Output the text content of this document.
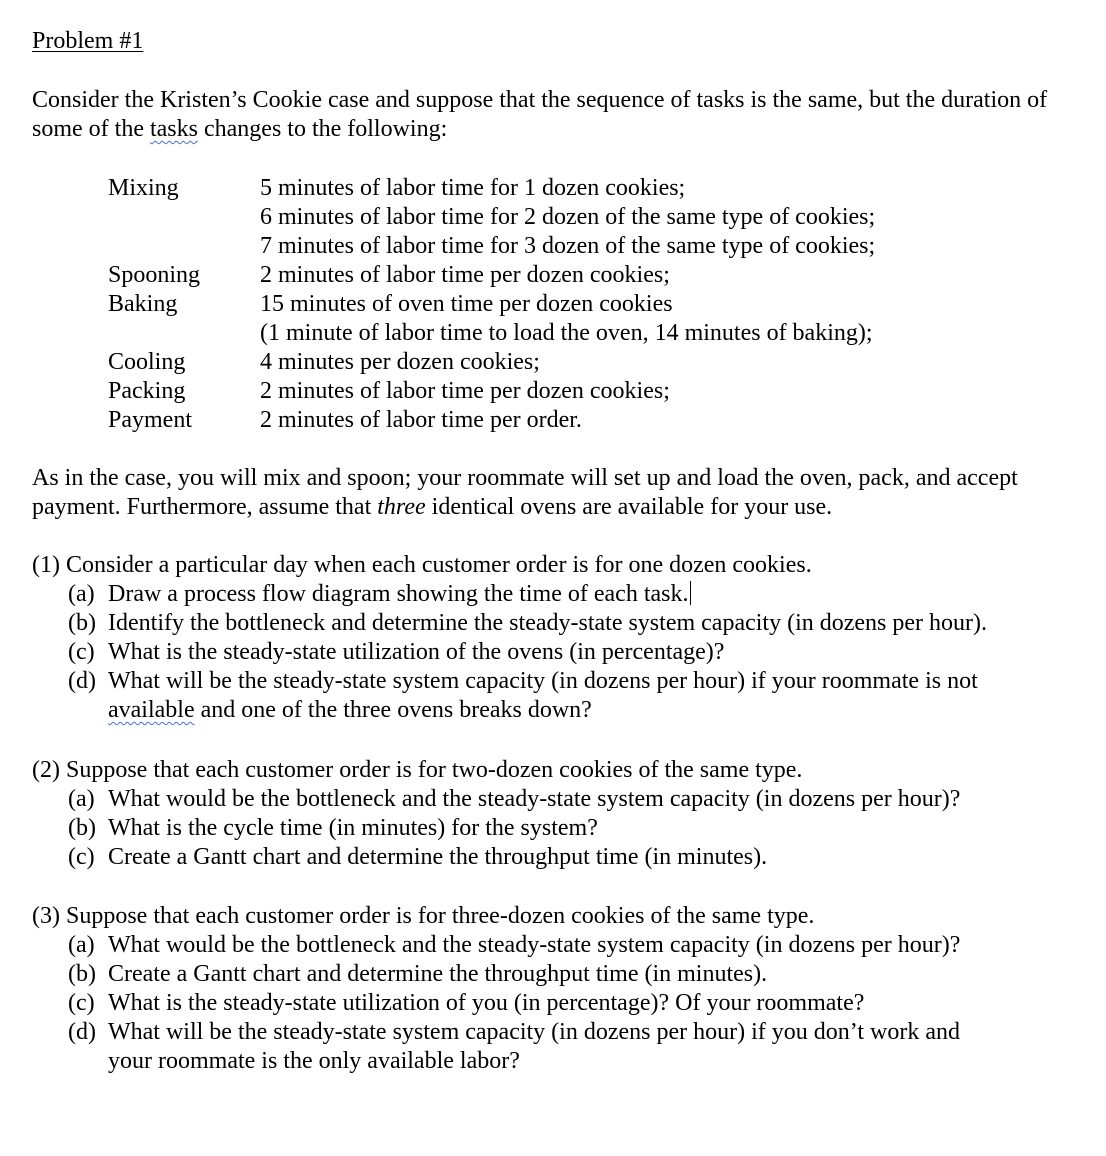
Problem #1

Consider the Kristen’s Cookie case and suppose that the sequence of tasks is the same, but the duration of some of the tasks changes to the following:

Mixing	5 minutes of labor time for 1 dozen cookies;
6 minutes of labor time for 2 dozen of the same type of cookies;
7 minutes of labor time for 3 dozen of the same type of cookies;
Spooning	2 minutes of labor time per dozen cookies;
Baking	15 minutes of oven time per dozen cookies
(1 minute of labor time to load the oven, 14 minutes of baking);
Cooling	4 minutes per dozen cookies;
Packing	2 minutes of labor time per dozen cookies;
Payment	2 minutes of labor time per order.

As in the case, you will mix and spoon; your roommate will set up and load the oven, pack, and accept payment. Furthermore, assume that three identical ovens are available for your use.

(1) Consider a particular day when each customer order is for one dozen cookies.

(a) Draw a process flow diagram showing the time of each task.
(b) Identify the bottleneck and determine the steady-state system capacity (in dozens per hour).
(c) What is the steady-state utilization of the ovens (in percentage)?
(d) What will be the steady-state system capacity (in dozens per hour) if your roommate is not
available and one of the three ovens breaks down?

(2) Suppose that each customer order is for two-dozen cookies of the same type.

(a) What would be the bottleneck and the steady-state system capacity (in dozens per hour)?
(b) What is the cycle time (in minutes) for the system?
(c) Create a Gantt chart and determine the throughput time (in minutes).

(3) Suppose that each customer order is for three-dozen cookies of the same type.

(a) What would be the bottleneck and the steady-state system capacity (in dozens per hour)?
(b) Create a Gantt chart and determine the throughput time (in minutes).
(c) What is the steady-state utilization of you (in percentage)? Of your roommate?
(d) What will be the steady-state system capacity (in dozens per hour) if you don’t work and
your roommate is the only available labor?
